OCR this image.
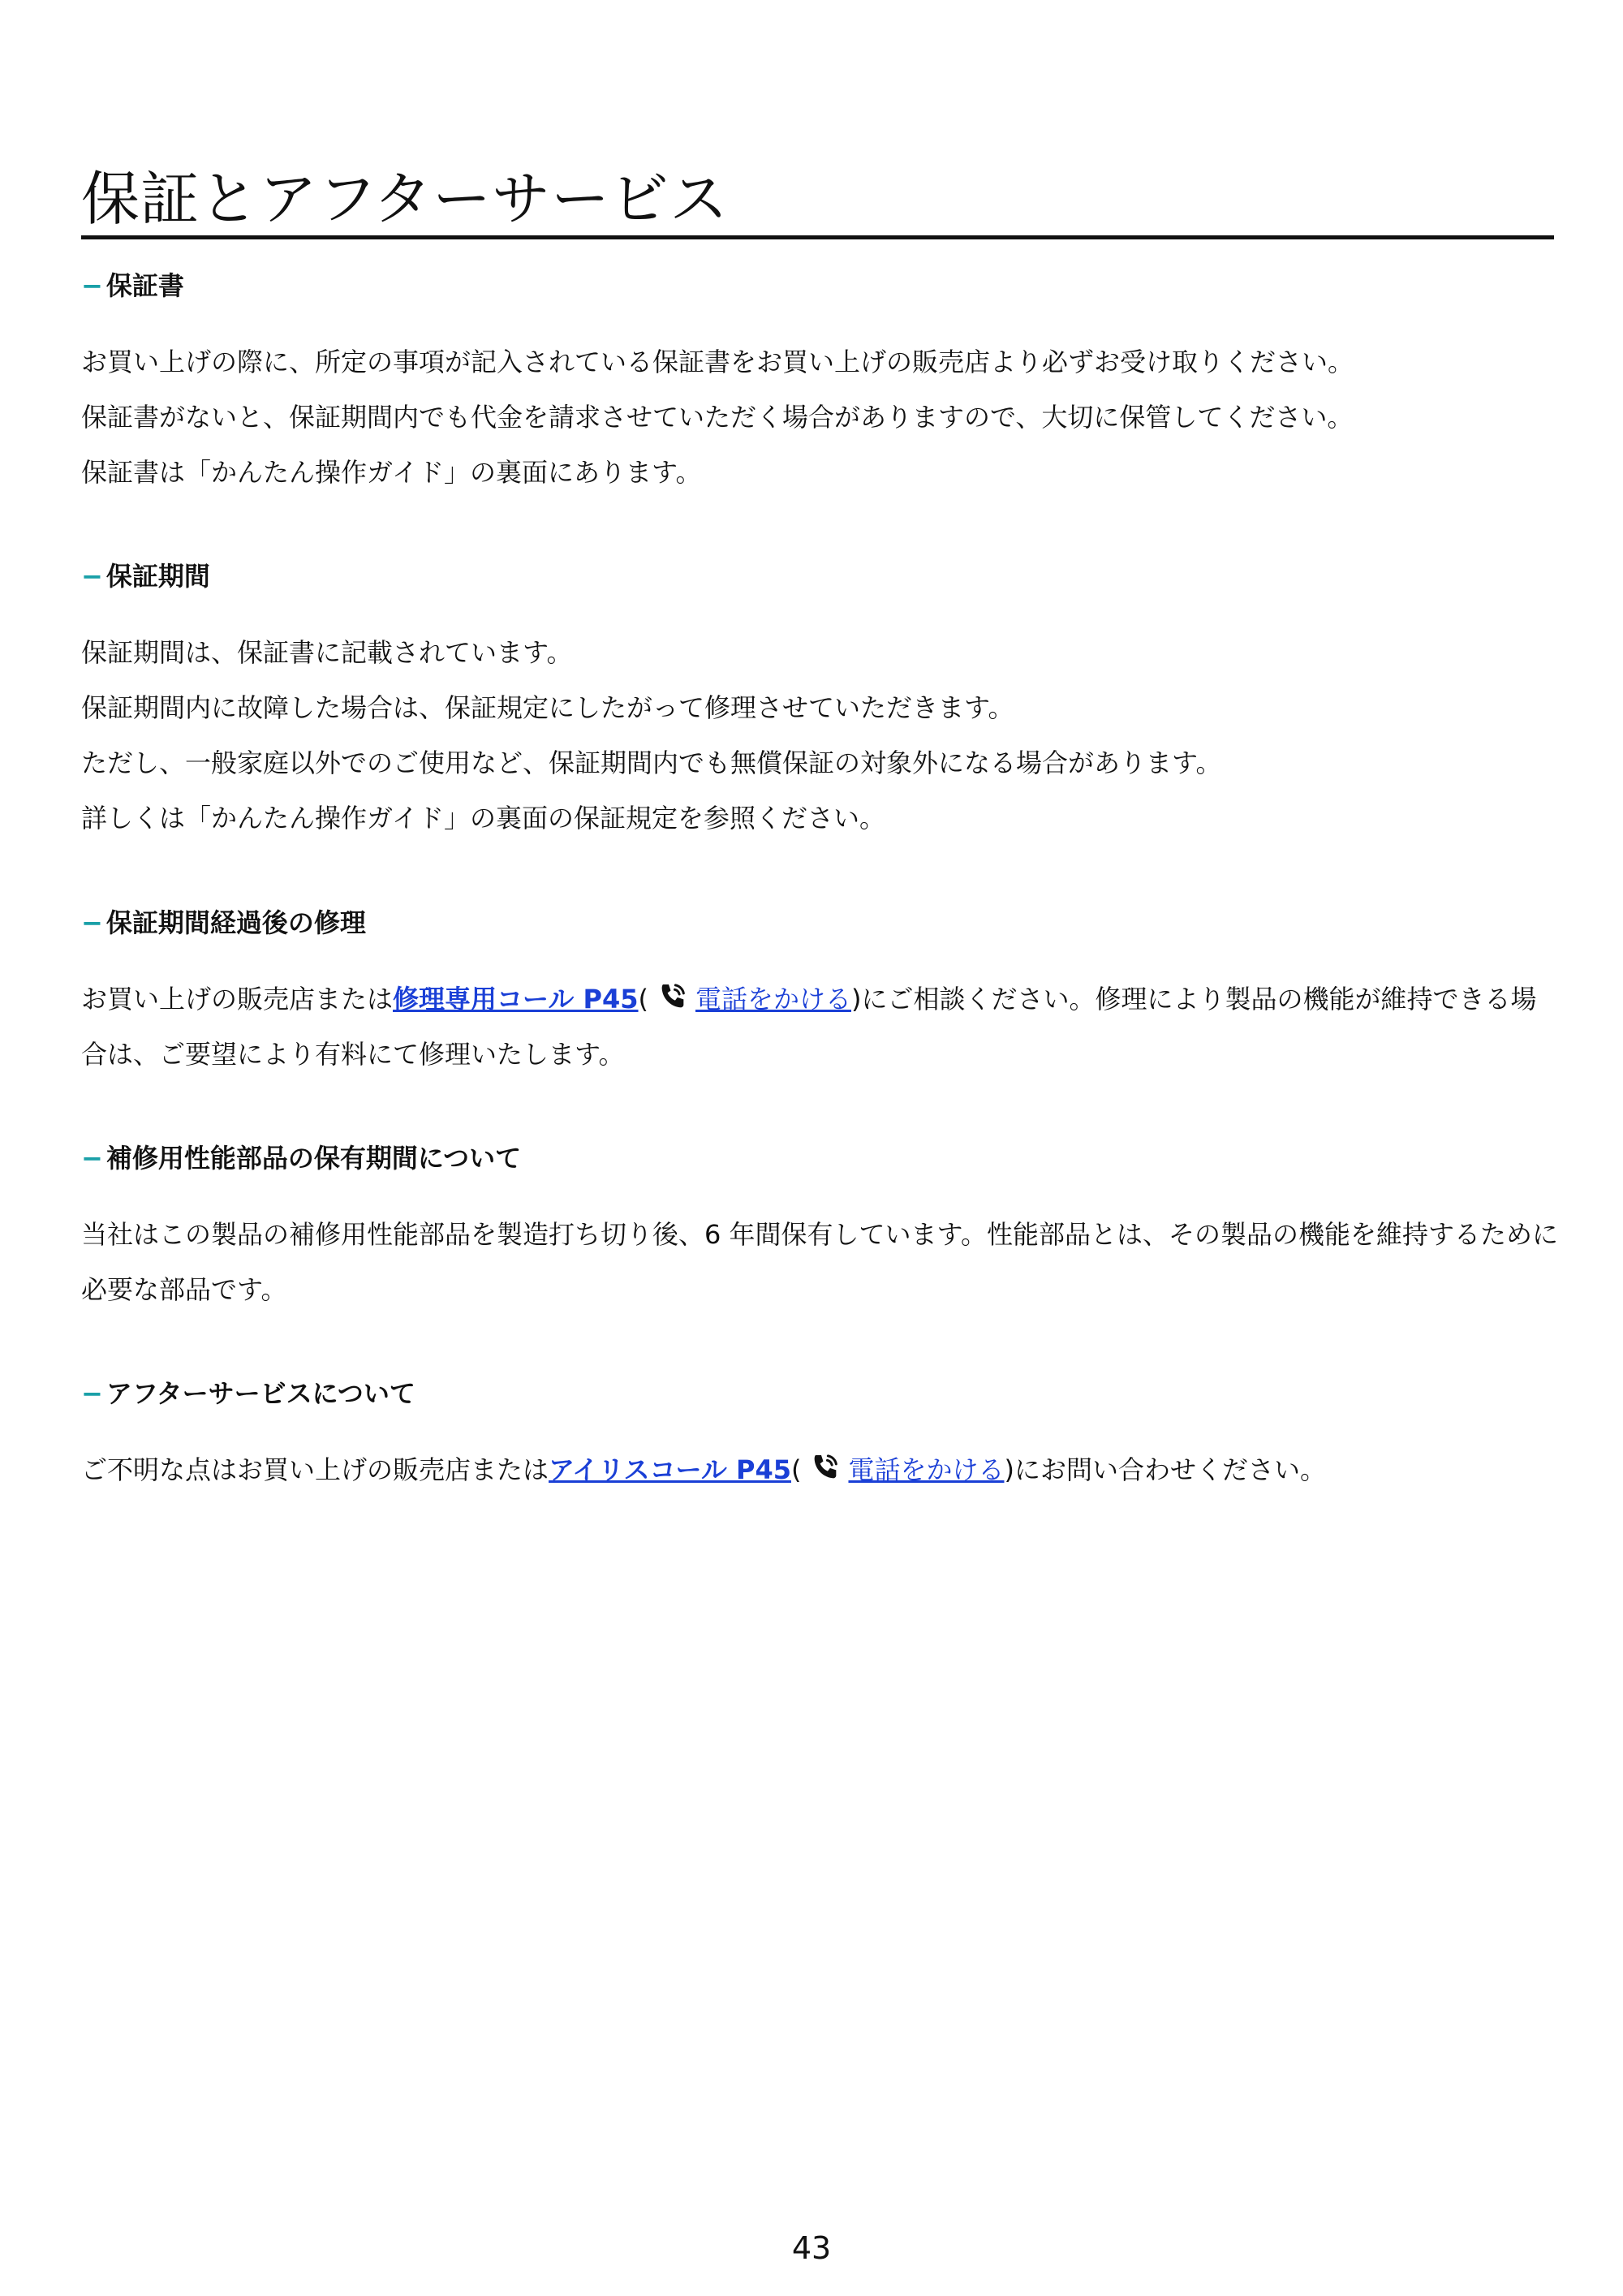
保証とアフターサービス
− 保証書

お買い上げの際に、所定の事項が記入されている保証書をお買い上げの販売店より必ずお受け取りください。

保証書がないと、保証期間内でも代金を請求させていただく場合がありますので、大切に保管してください。

保証書は「かんたん操作ガイド」の裏面にあります。

− 保証期間

保証期間は、保証書に記載されています。

保証期間内に故障した場合は、保証規定にしたがって修理させていただきます。

ただし、一般家庭以外でのご使用など、保証期間内でも無償保証の対象外になる場合があります。

詳しくは「かんたん操作ガイド」の裏面の保証規定を参照ください。

− 保証期間経過後の修理

お買い上げの販売店または修理専用コール P45( 電話をかける)にご相談ください。修理により製品の機能が維持できる場合は、ご要望により有料にて修理いたします。

− 補修用性能部品の保有期間について

当社はこの製品の補修用性能部品を製造打ち切り後、6 年間保有しています。性能部品とは、その製品の機能を維持するために必要な部品です。

− アフターサービスについて

ご不明な点はお買い上げの販売店またはアイリスコール P45( 電話をかける)にお問い合わせください。

43
